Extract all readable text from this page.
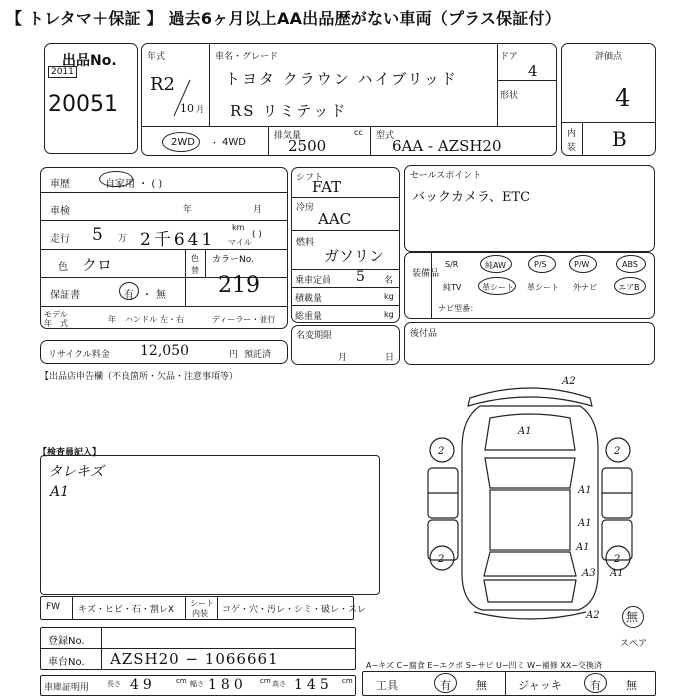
【 トレタマ＋保証 】 過去6ヶ月以上AA出品歴がない車両（プラス保証付）
出品No.
2011
20051
年式
R2
10 月
車名・グレード
トヨタ クラウン ハイブリッド
RS リミテッド
ドア
4
形状
2WD	4WD
・
排気量	cc
2500
型式
6AA - AZSH20
評価点
4
内
装 B
車歴	自家用 ・ ( )
車検	年	月
走行 5 万 2千641
km
マイル
( )
色 クロ	色
替
カラーNo.
219
保証書	有 ・ 無
モデル
年　式	年 ハンドル 左・右	ディーラー・並行
シフト
FAT
冷房
AAC
燃料
ガソリン
乗車定員 5 名
積載量	kg
総重量	kg
セールスポイント
バックカメラ、ETC
装備品
S/R	純AW	P/S	P/W	ABS
純TV	革シート 革シート 外ナビ	エアB
ナビ型番：
リサイクル料金 12,050	円 預託済
名変期限
月	日
後付品
【出品店申告欄（不良箇所・欠品・注意事項等）
【検査員記入】
タレキズ
A1
FW キズ・ヒビ・石・割レX
シート
内装 コゲ・穴・汚レ・シミ・破レ・スレ
登録No.
車台No. AZSH20 − 1066661
車庫証明用	長さ 49	cm 幅さ 180 cm 高さ 145 cm
A−キズ C−腐食 E−エクボ S−サビ U−凹ミ W−補修 XX−交換済
工具	有 無	ジャッキ	有 無
A2
A1
2	2
2	2
A1
A1
A3 A1
A2
A1
無
スペア
